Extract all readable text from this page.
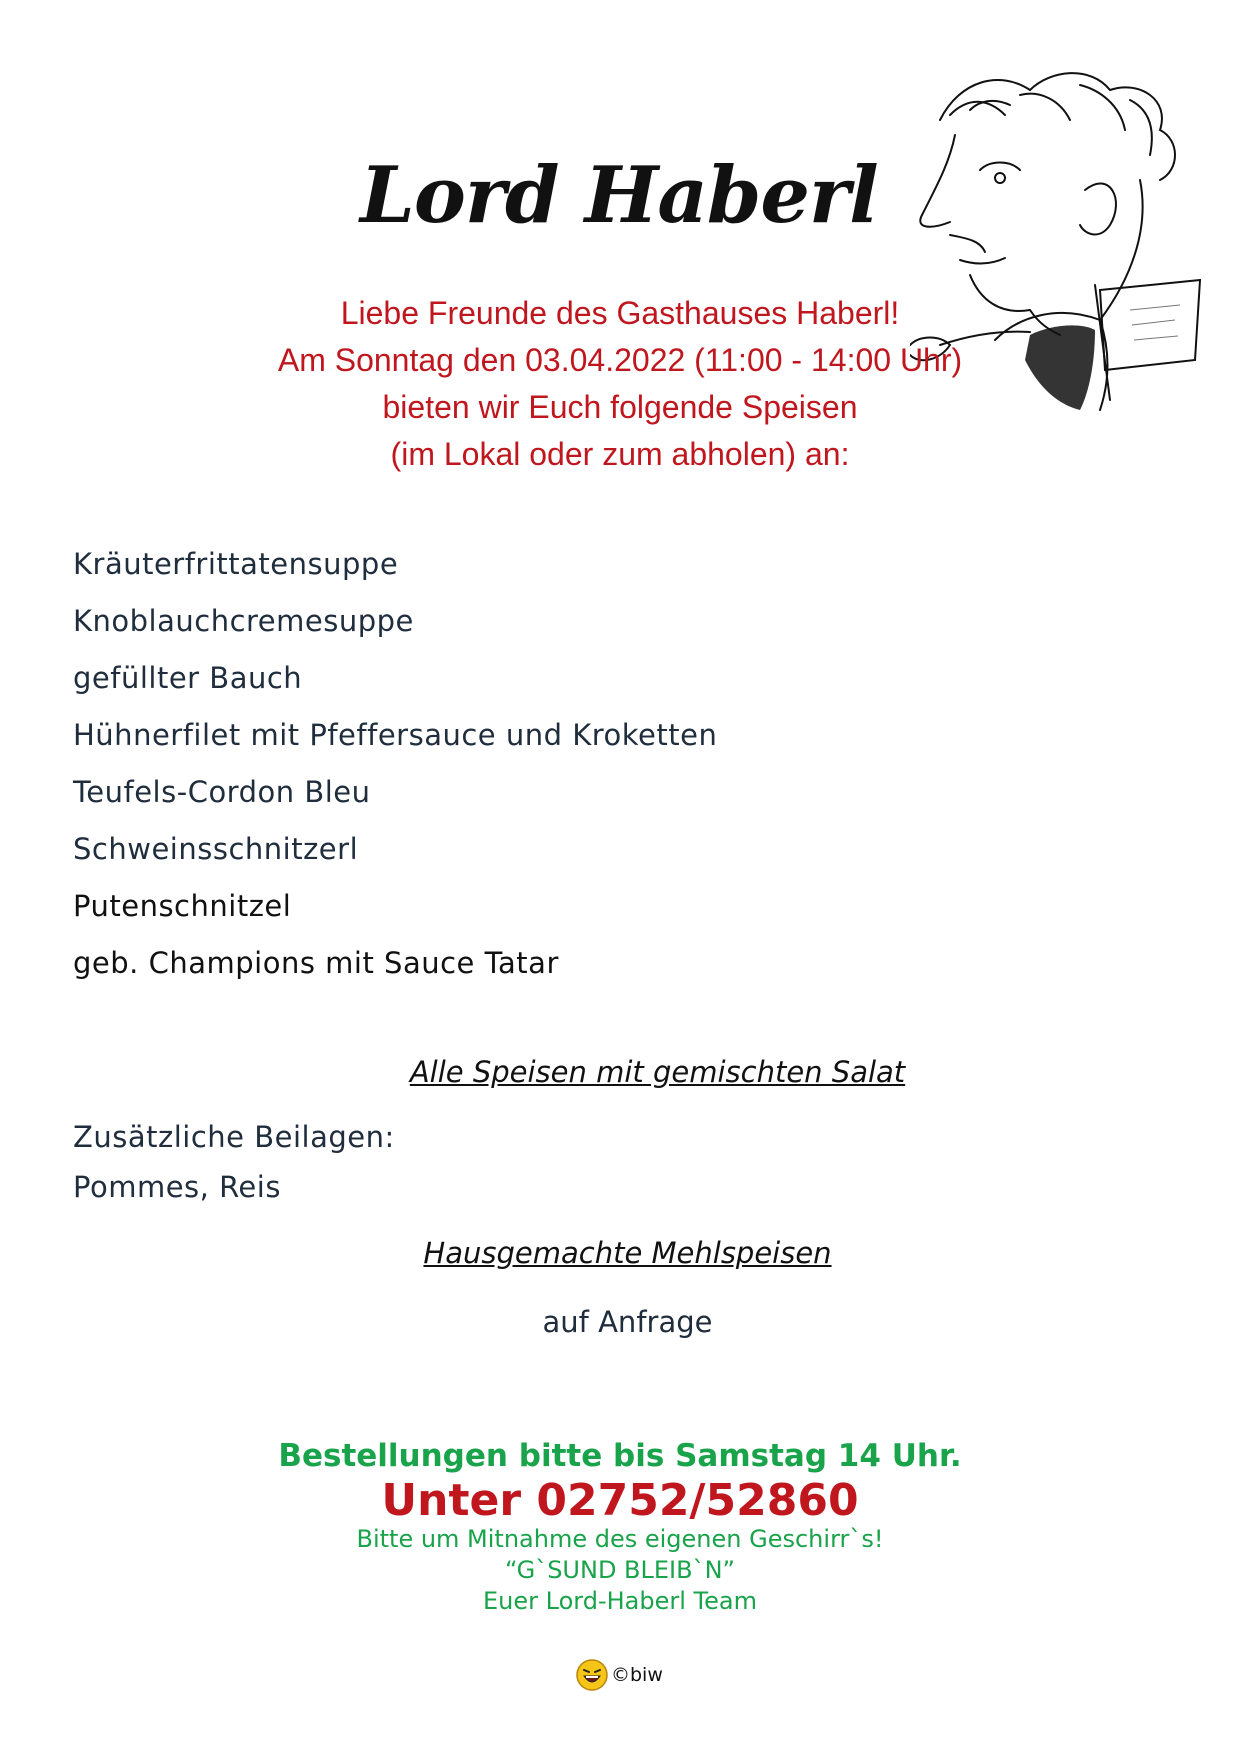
Lord Haberl
Liebe Freunde des Gasthauses Haberl!
Am Sonntag den 03.04.2022 (11:00 - 14:00 Uhr)
bieten wir Euch folgende Speisen
(im Lokal oder zum abholen) an:
Kräuterfrittatensuppe
Knoblauchcremesuppe
gefüllter Bauch
Hühnerfilet mit Pfeffersauce und Kroketten
Teufels-Cordon Bleu
Schweinsschnitzerl
Putenschnitzel
geb. Champions mit Sauce Tatar
Alle Speisen mit gemischten Salat
Zusätzliche Beilagen:
Pommes, Reis
Hausgemachte Mehlspeisen
auf Anfrage
Bestellungen bitte bis Samstag 14 Uhr.
Unter 02752/52860
Bitte um Mitnahme des eigenen Geschirr`s!
“G`SUND BLEIB`N”
Euer Lord-Haberl Team
©biw
